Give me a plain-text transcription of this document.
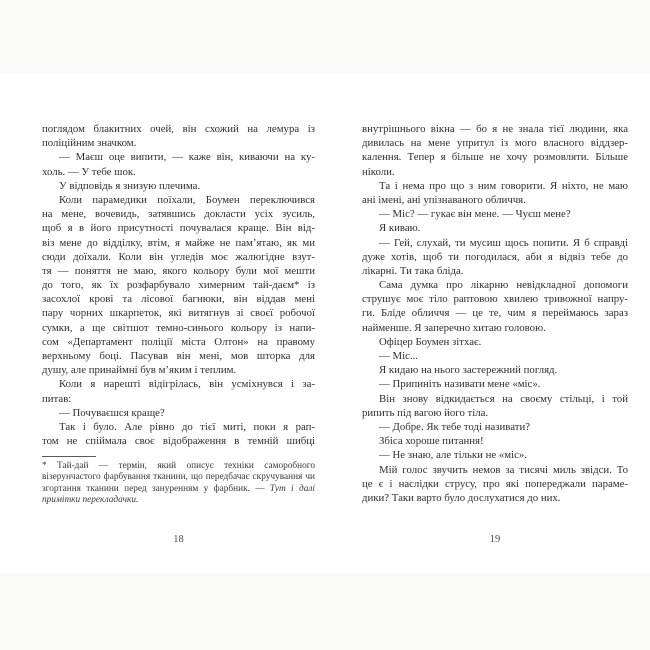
поглядом блакитних очей, він схожий на лемура із
поліційним значком.
— Маєш оце випити, — каже він, киваючи на ку-
холь. — У тебе шок.
У відповідь я знизую плечима.
Коли парамедики поїхали, Боумен переключився
на мене, вочевидь, затявшись докласти усіх зусиль,
щоб я в його присутності почувалася краще. Він від-
віз мене до відділку, втім, я майже не пам’ятаю, як ми
сюди доїхали. Коли він угледів моє жалюгідне взут-
тя — поняття не маю, якого кольору були мої мешти
до того, як їх розфарбувало химерним тай-даєм* із
засохлої крові та лісової багнюки, він віддав мені
пару чорних шкарпеток, які витягнув зі своєї робочої
сумки, а ще світшот темно-синього кольору із напи-
сом «Департамент поліції міста Олтон» на правому
верхньому боці. Пасував він мені, мов шторка для
душу, але принаймні був м’яким і теплим.
Коли я нарешті відігрілась, він усміхнувся і за-
питав:
— Почуваєшся краще?
Так і було. Але рівно до тієї миті, поки я рап-
том не спіймала своє відображення в темній шибці
* Тай-дай — термін, який описує техніки саморобного візерунчастого фарбування тканини, що передбачає скручування чи згортання тканини перед зануренням у фарбник. — Тут і далі примітки перекладачки.
18
внутрішнього вікна — бо я не знала тієї людини, яка
дивилась на мене упритул із мого власного віддзер-
калення. Тепер я більше не хочу розмовляти. Більше
ніколи.
Та і нема про що з ним говорити. Я ніхто, не маю
ані імені, ані упізнаваного обличчя.
— Міс? — гукає він мене. — Чуєш мене?
Я киваю.
— Гей, слухай, ти мусиш щось попити. Я б справді
дуже хотів, щоб ти погодилася, аби я відвіз тебе до
лікарні. Ти така бліда.
Сама думка про лікарню невідкладної допомоги
струшує моє тіло раптовою хвилею тривожної напру-
ги. Бліде обличчя — це те, чим я переймаюсь зараз
найменше. Я заперечно хитаю головою.
Офіцер Боумен зітхає.
— Міс...
Я кидаю на нього застережний погляд.
— Припиніть називати мене «міс».
Він знову відкидається на своєму стільці, і той
рипить під вагою його тіла.
— Добре. Як тебе тоді називати?
Збіса хороше питання!
— Не знаю, але тільки не «міс».
Мій голос звучить немов за тисячі миль звідси. То
це є і наслідки струсу, про які попереджали параме-
дики? Таки варто було дослухатися до них.
19
